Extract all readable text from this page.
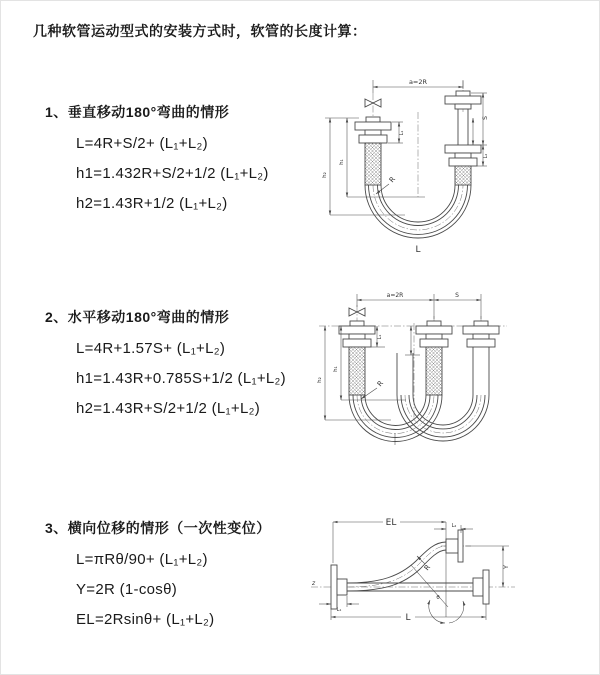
几种软管运动型式的安装方式时，软管的长度计算：
1、垂直移动180°弯曲的情形
L=4R+S/2+ (L₁+L₂)
h1=1.432R+S/2+1/2 (L₁+L₂)
h2=1.43R+1/2 (L₁+L₂)
2、水平移动180°弯曲的情形
L=4R+1.57S+ (L₁+L₂)
h1=1.43R+0.785S+1/2 (L₁+L₂)
h2=1.43R+S/2+1/2 (L₁+L₂)
3、横向位移的情形（一次性变位）
L=πRθ/90+ (L₁+L₂)
Y=2R (1-cosθ)
EL=2Rsinθ+ (L₁+L₂)
a=2R
h₂
h₁
L₁
S
L₂
R
L
a=2R	S
h₂
h₁
L₁
R
z
θ
R
EL	L₂
Y
L₁
L
